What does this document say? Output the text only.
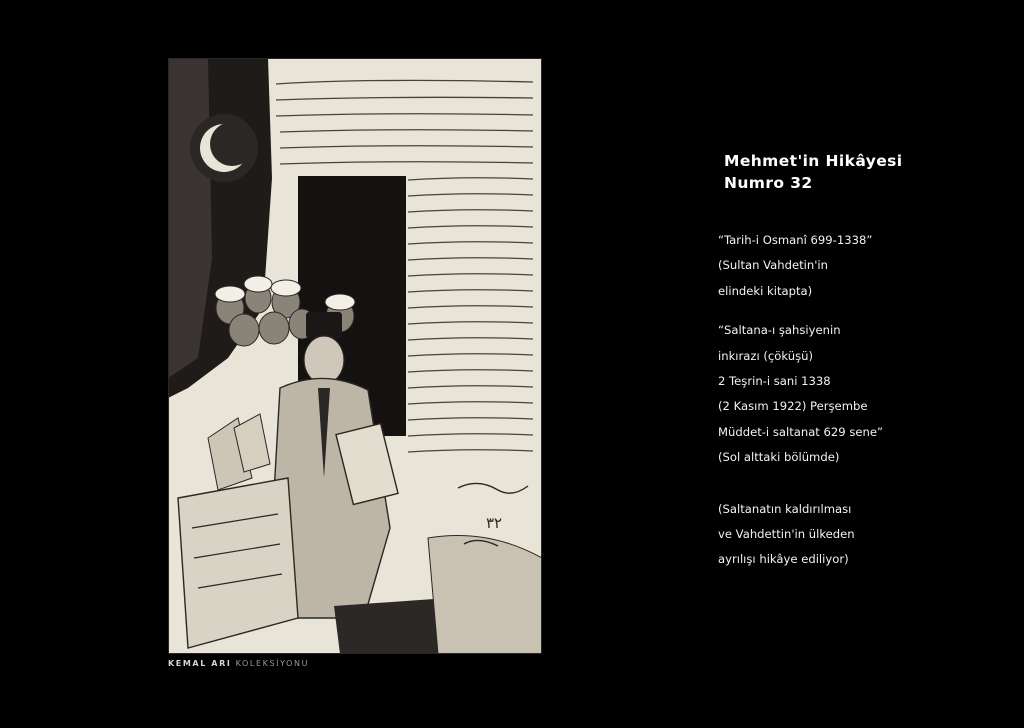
٣٢
KEMAL ARI KOLEKSİYONU
Mehmet'in Hikâyesi
Numro 32
“Tarih-i Osmanî 699-1338”
(Sultan Vahdetin'in
elindeki kitapta)
“Saltana-ı şahsiyenin
inkırazı (çöküşü)
2 Teşrin-i sani 1338
(2 Kasım 1922) Perşembe
Müddet-i saltanat 629 sene”
(Sol alttaki bölümde)
(Saltanatın kaldırılması
ve Vahdettin'in ülkeden
ayrılışı hikâye ediliyor)
